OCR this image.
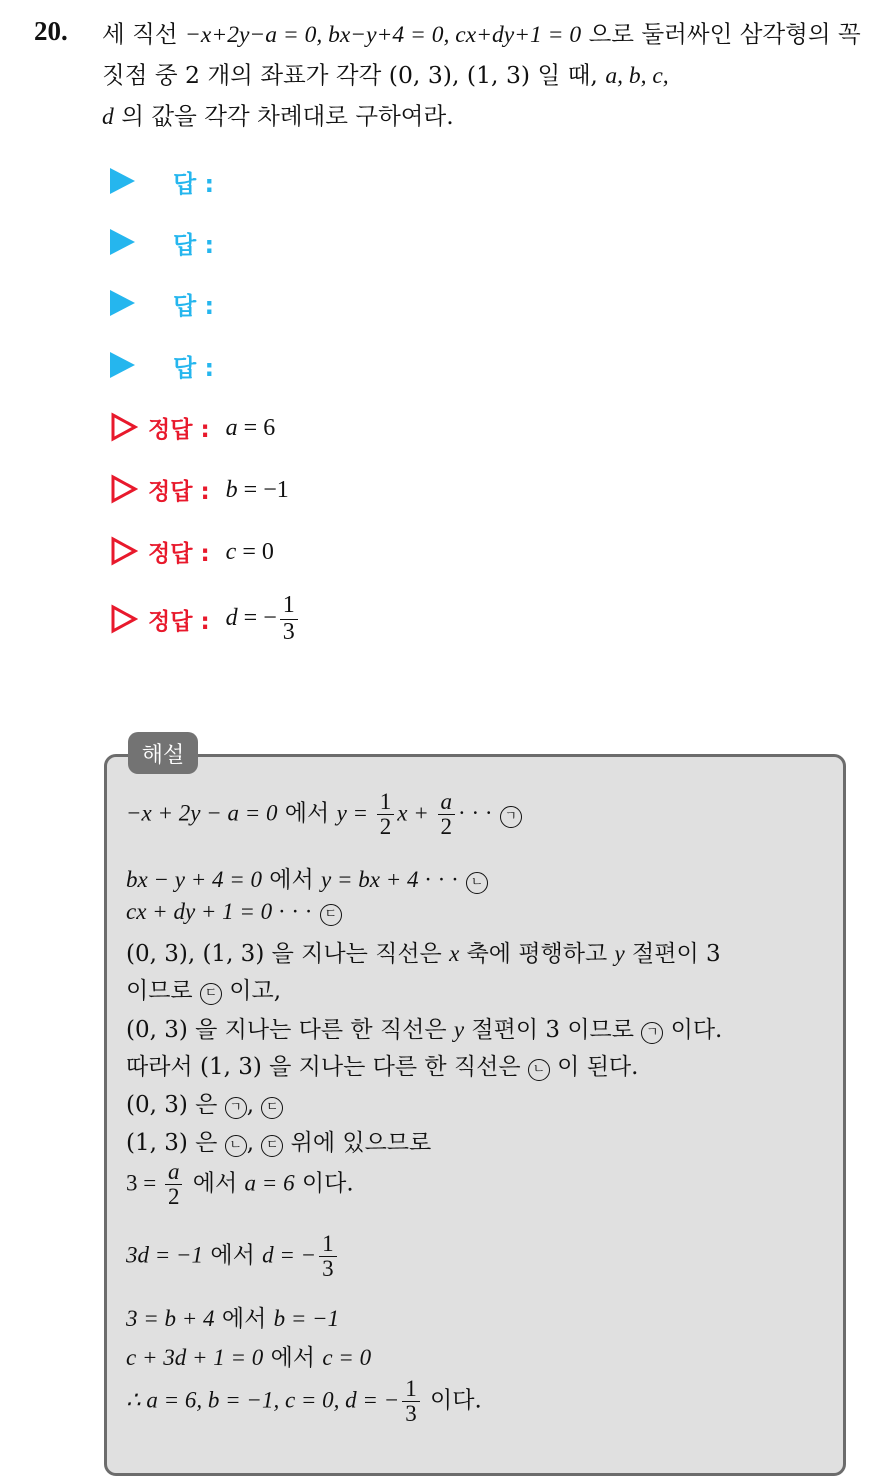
20. 세 직선 −x+2y−a = 0, bx−y+4 = 0, cx+dy+1 = 0 으로 둘러싸인 삼각형의 꼭짓점 중 2 개의 좌표가 각각 (0, 3), (1, 3) 일 때, a, b, c,
d 의 값을 각각 차례대로 구하여라.
답 :
답 :
답 :
답 :
정답 : a = 6
정답 : b = −1
정답 : c = 0
정답 : d = − $\frac{1}{3}$
해설
−x + 2y − a = 0 에서 $y = \frac{1}{2}$ $x + \frac{a}{2}$ · · · ㄱ
bx − y + 4 = 0 에서 y = bx + 4 · · · ㄴ
cx + dy + 1 = 0 · · · ㄷ
(0, 3), (1, 3) 을 지나는 직선은 x 축에 평행하고 y 절편이 3
이므로 ㄷ 이고,
(0, 3) 을 지나는 다른 한 직선은 y 절편이 3 이므로 ㄱ 이다.
따라서 (1, 3) 을 지나는 다른 한 직선은 ㄴ 이 된다.
(0, 3) 은 ㄱ , ㄷ
(1, 3) 은 ㄴ , ㄷ 위에 있으므로
$3 = \frac{a}{2}$ 에서 a = 6 이다.
3d = −1 에서 d = − $\frac{1}{3}$
3 = b + 4 에서 b = −1
c + 3d + 1 = 0 에서 c = 0
∴ a = 6, b = −1, c = 0, d = − $\frac{1}{3}$ 이다.
